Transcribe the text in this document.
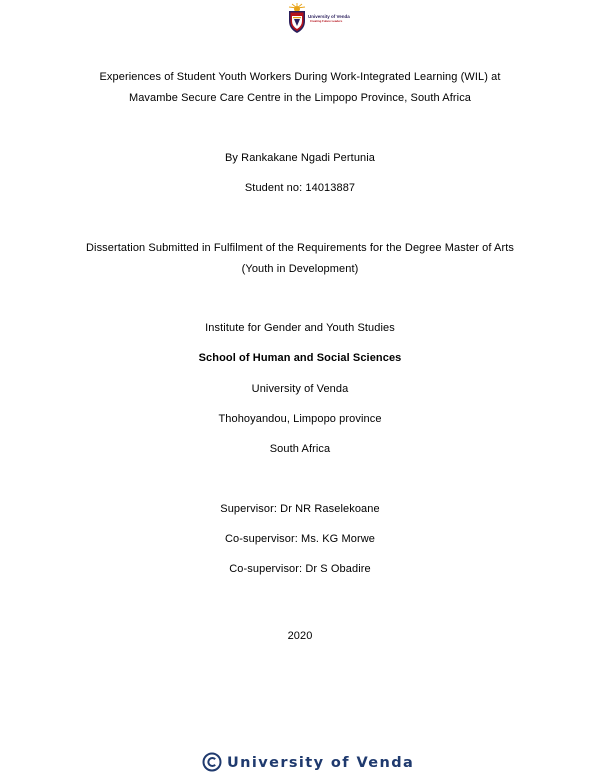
University of Venda
Creating Future Leaders
Experiences of Student Youth Workers During Work-Integrated Learning (WIL) at
Mavambe Secure Care Centre in the Limpopo Province, South Africa
By Rankakane Ngadi Pertunia
Student no: 14013887
Dissertation Submitted in Fulfilment of the Requirements for the Degree Master of Arts
(Youth in Development)
Institute for Gender and Youth Studies
School of Human and Social Sciences
University of Venda
Thohoyandou, Limpopo province
South Africa
Supervisor: Dr NR Raselekoane
Co-supervisor: Ms. KG Morwe
Co-supervisor: Dr S Obadire
2020
University of Venda
